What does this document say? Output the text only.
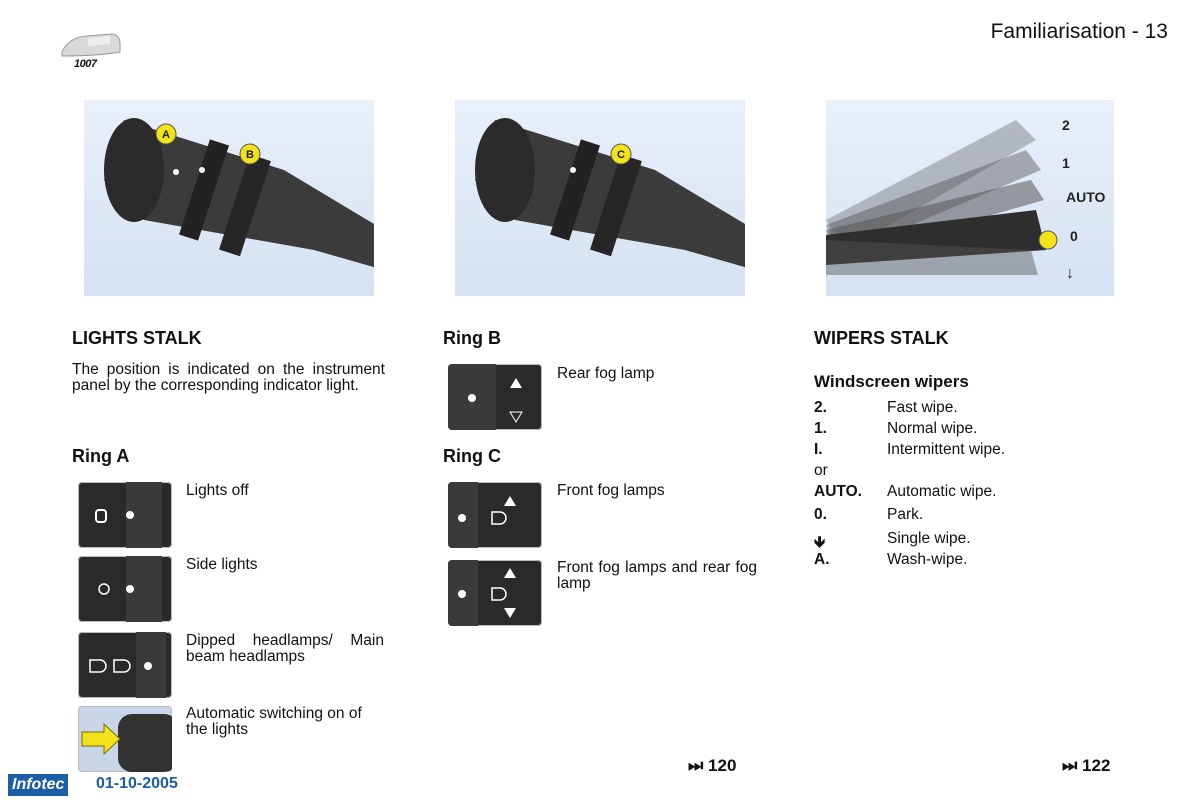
Familiarisation - 13
1007
A
B	C
2
1
AUTO
0
↓
LIGHTS STALK
The position is indicated on the instrument panel by the corresponding indicator light.
Ring A
Lights off
Side lights
Dipped headlamps/ Main beam headlamps
Automatic switching on of the lights
Ring B
Rear fog lamp
Ring C
Front fog lamps
Front fog lamps and rear fog lamp
⏭ 120
WIPERS STALK
Windscreen wipers
2.	Fast wipe.
1.	Normal wipe.
I.	Intermittent wipe.
or
AUTO.	Automatic wipe.
0.	Park.
🡻	Single wipe.
A.	Wash-wipe.
⏭ 122
Infotec 01-10-2005
